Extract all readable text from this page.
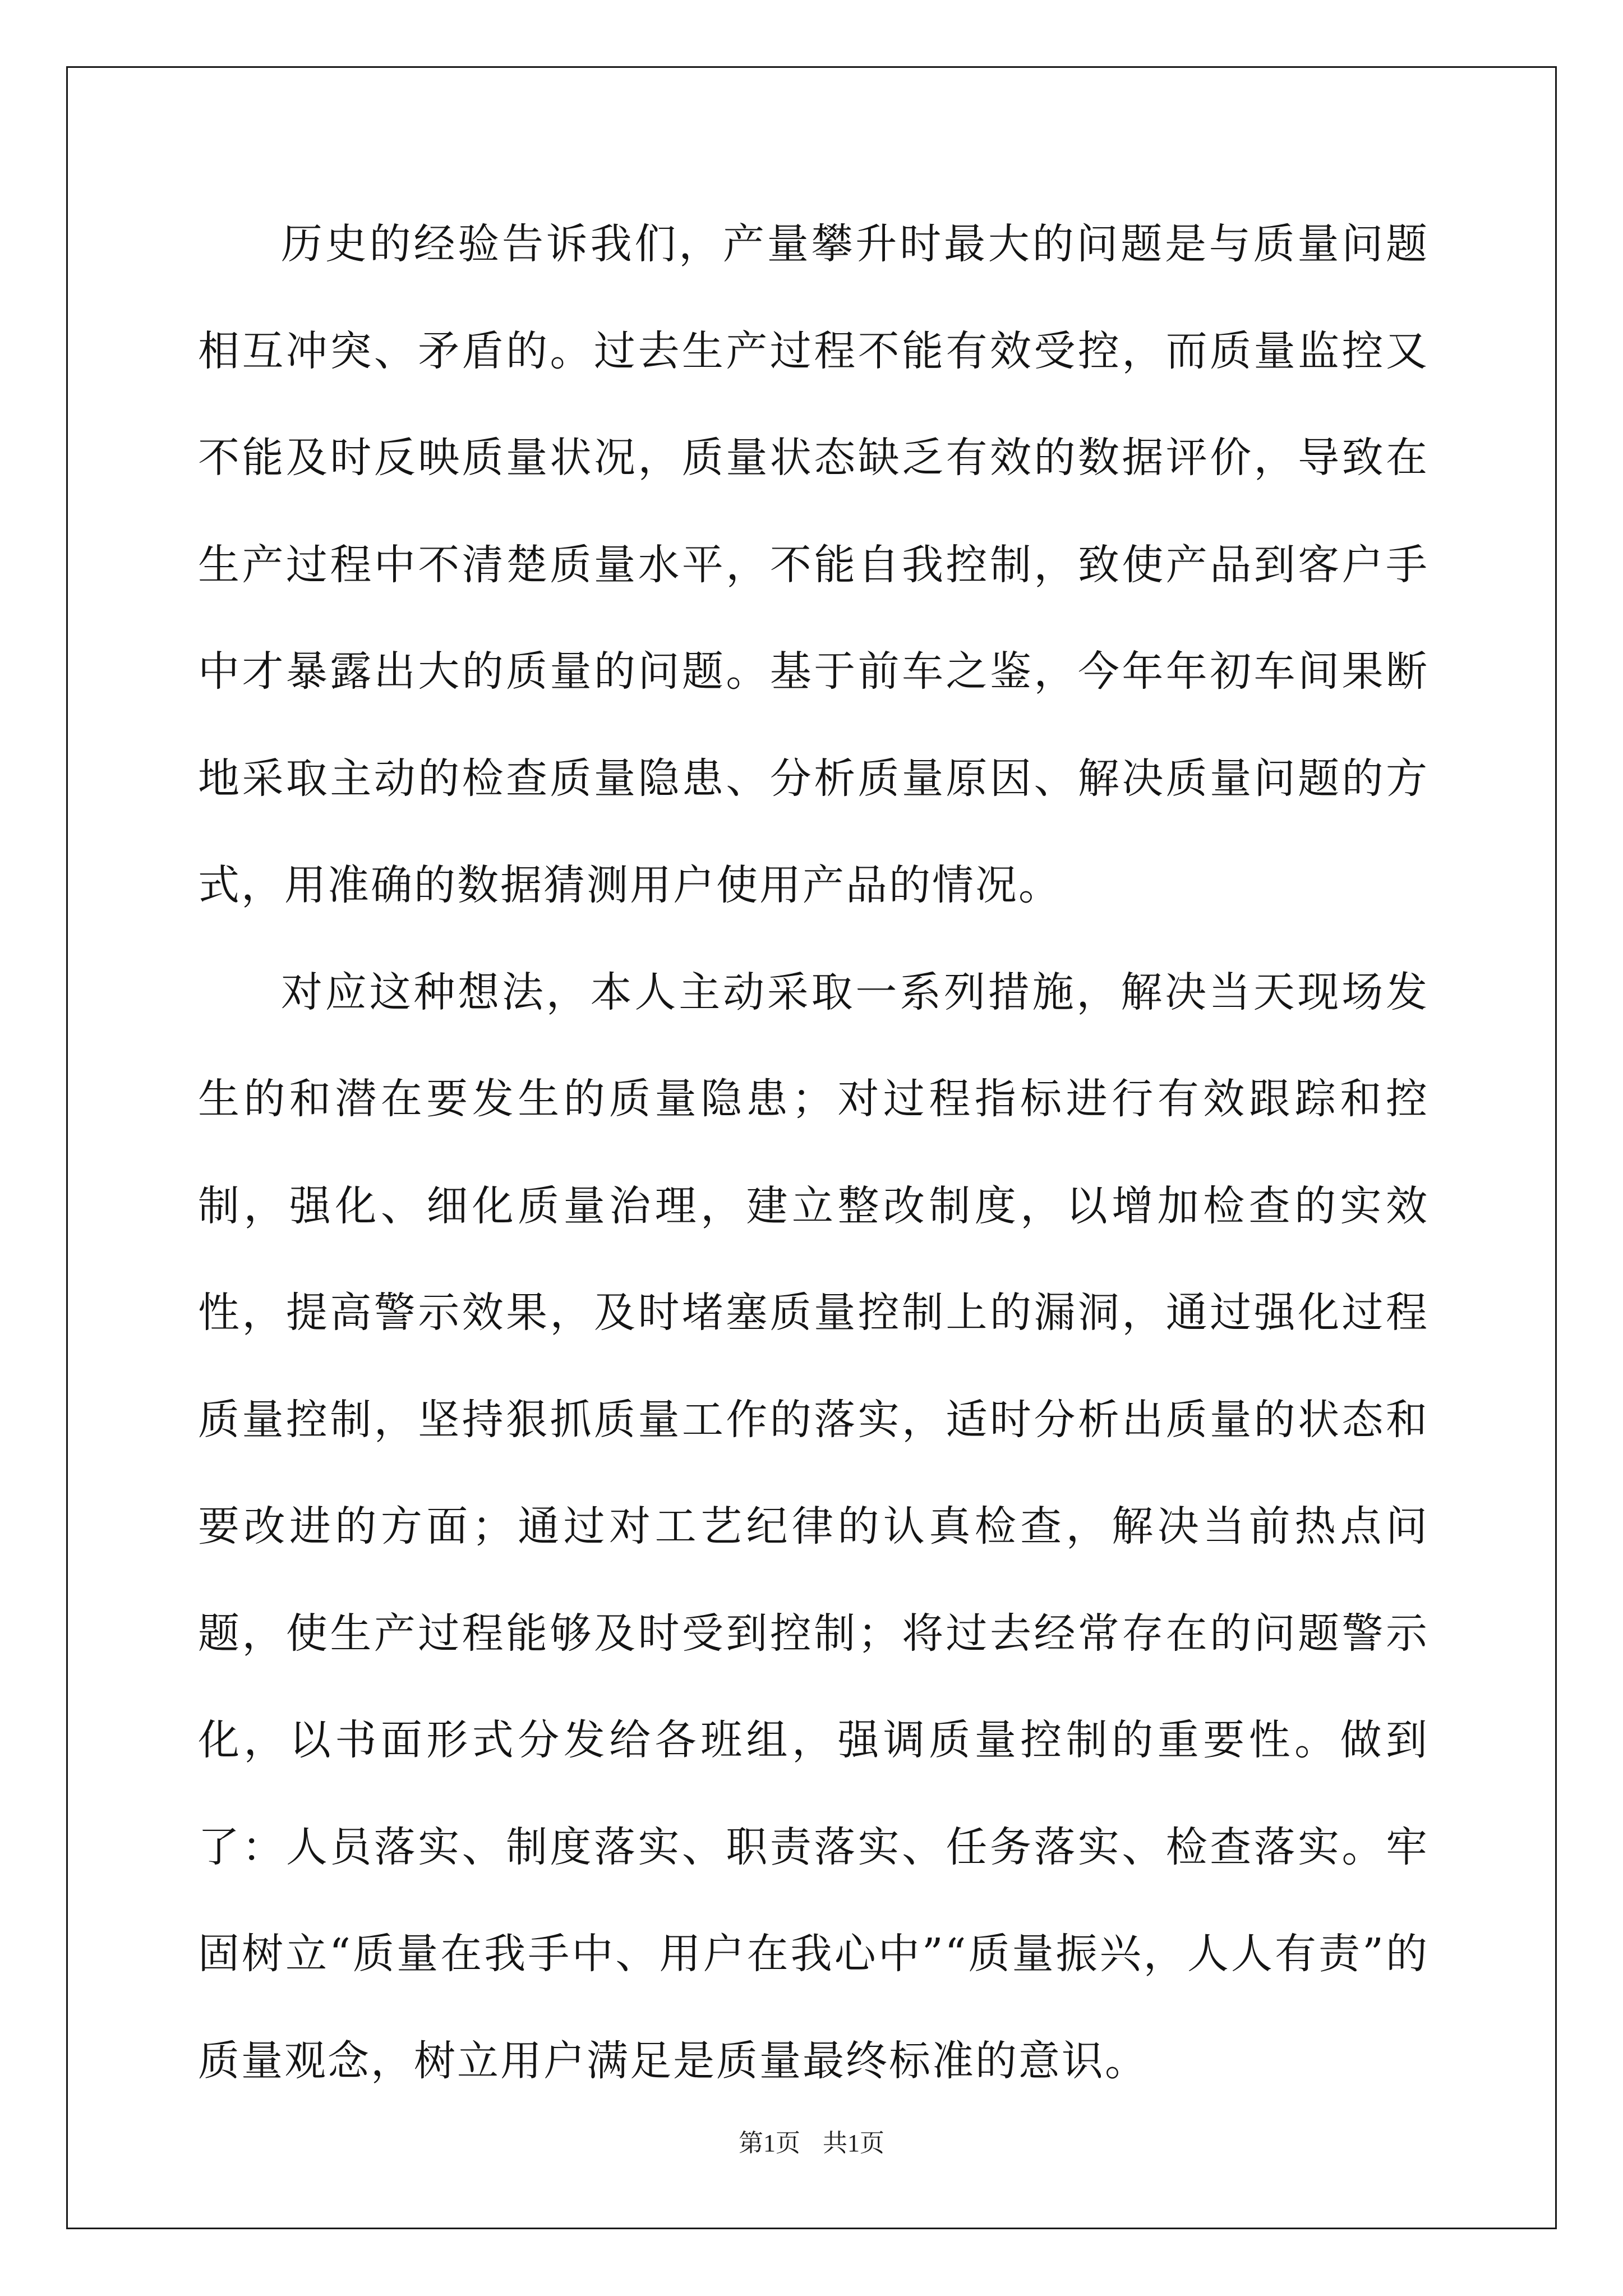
历史的经验告诉我们，产量攀升时最大的问题是与质量问题相互冲突、矛盾的。过去生产过程不能有效受控，而质量监控又不能及时反映质量状况，质量状态缺乏有效的数据评价，导致在生产过程中不清楚质量水平，不能自我控制，致使产品到客户手中才暴露出大的质量的问题。基于前车之鉴，今年年初车间果断地采取主动的检查质量隐患、分析质量原因、解决质量问题的方式，用准确的数据猜测用户使用产品的情况。

对应这种想法，本人主动采取一系列措施，解决当天现场发生的和潜在要发生的质量隐患；对过程指标进行有效跟踪和控制，强化、细化质量治理，建立整改制度，以增加检查的实效性，提高警示效果，及时堵塞质量控制上的漏洞，通过强化过程质量控制，坚持狠抓质量工作的落实，适时分析出质量的状态和要改进的方面；通过对工艺纪律的认真检查，解决当前热点问题，使生产过程能够及时受到控制；将过去经常存在的问题警示化，以书面形式分发给各班组，强调质量控制的重要性。做到了：人员落实、制度落实、职责落实、任务落实、检查落实。牢固树立“质量在我手中、用户在我心中”“质量振兴，人人有责”的质量观念，树立用户满足是质量最终标准的意识。

第1页 共1页
